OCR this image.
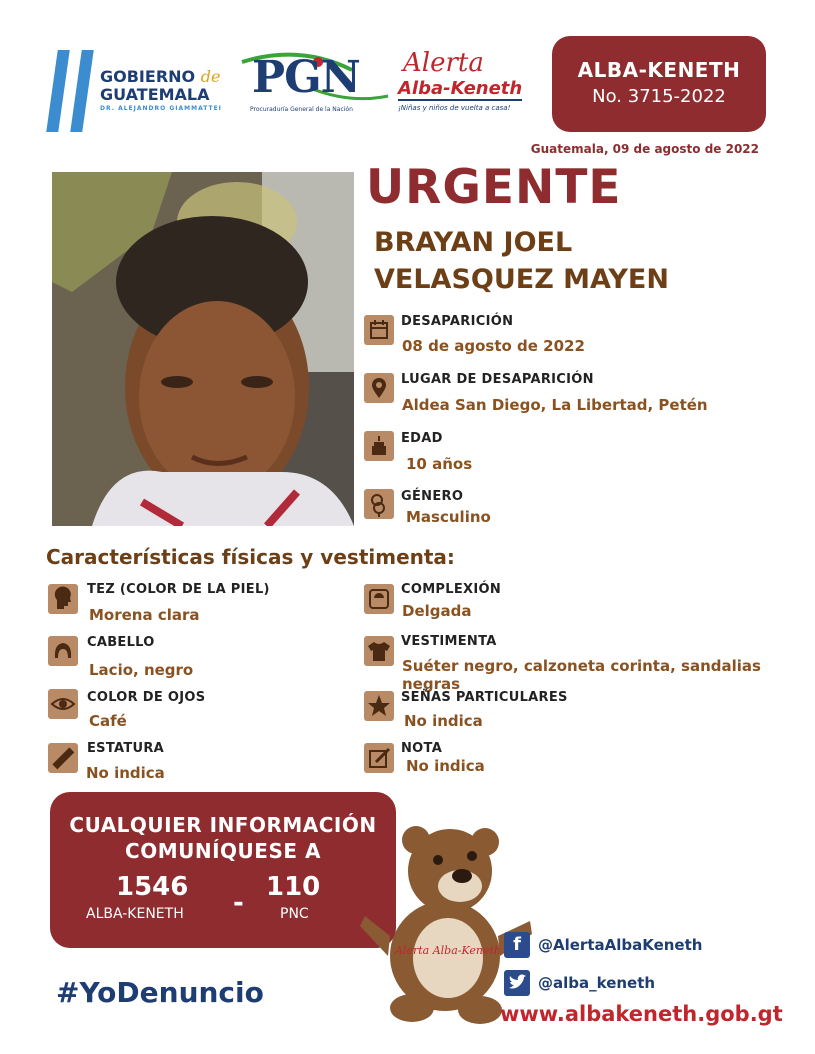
GOBIERNO de
GUATEMALA
DR. ALEJANDRO GIAMMATTEI
PGN
Procuraduría General de la Nación
Alerta
Alba-Keneth
¡Niñas y niños de vuelta a casa!
ALBA-KENETH
No. 3715-2022
Guatemala, 09 de agosto de 2022
URGENTE
BRAYAN JOEL
VELASQUEZ MAYEN
DESAPARICIÓN
08 de agosto de 2022
LUGAR DE DESAPARICIÓN
Aldea San Diego, La Libertad, Petén
EDAD
10 años
GÉNERO
Masculino
Características físicas y vestimenta:
TEZ (COLOR DE LA PIEL)
Morena clara
CABELLO
Lacio, negro
COLOR DE OJOS
Café
ESTATURA
No indica
COMPLEXIÓN
Delgada
VESTIMENTA
Suéter negro, calzoneta corinta, sandalias negras
SEÑAS PARTICULARES
No indica
NOTA
No indica
CUALQUIER INFORMACIÓN
COMUNÍQUESE A
1546
ALBA-KENETH -
110
PNC
Alerta Alba-Keneth
#YoDenuncio
f	@AlertaAlbaKeneth
@alba_keneth
www.albakeneth.gob.gt
